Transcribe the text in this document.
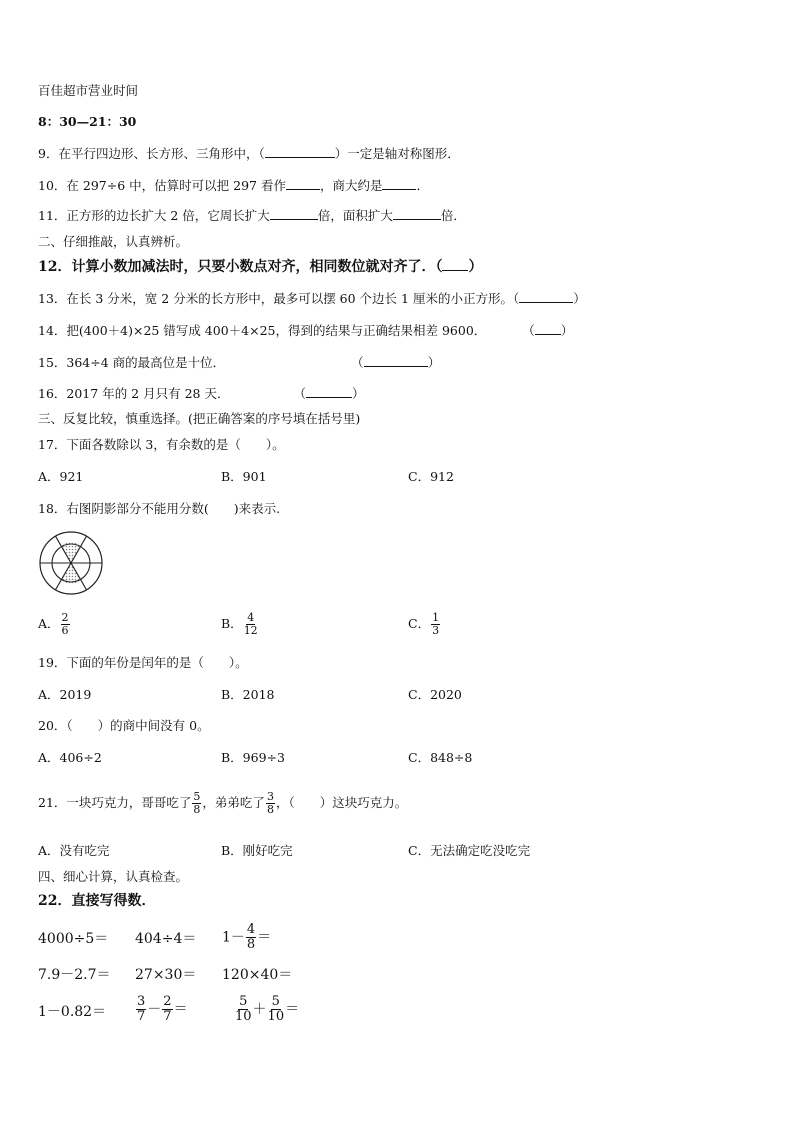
百佳超市营业时间
8：30—21：30
9．在平行四边形、长方形、三角形中，（	）一定是轴对称图形．
10．在 297÷6 中，估算时可以把 297 看作	，商大约是	．
11．正方形的边长扩大 2 倍，它周长扩大	倍，面积扩大	倍．
二、仔细推敲，认真辨析。
12．计算小数加减法时，只要小数点对齐，相同数位就对齐了．（ ）
13．在长 3 分米，宽 2 分米的长方形中，最多可以摆 60 个边长 1 厘米的小正方形。（	）
14．把(400＋4)×25 错写成 400＋4×25，得到的结果与正确结果相差 9600．	（ ）
15．364÷4 商的最高位是十位．	（	）
16．2017 年的 2 月只有 28 天．	（	）
三、反复比较，慎重选择。(把正确答案的序号填在括号里)
17．下面各数除以 3，有余数的是（　　）。
A．921	B．901	C．912
18．右图阴影部分不能用分数(　　)来表示.
A． $\frac{2}{6}$	B． $\frac{4}{12}$	C． $\frac{1}{3}$
19．下面的年份是闰年的是（　　）。
A．2019	B．2018	C．2020
20．（　　）的商中间没有 0。
A．406÷2	B．969÷3	C．848÷8
21．一块巧克力，哥哥吃了 $\frac{5}{8}$ ，弟弟吃了 $\frac{3}{8}$ ，（　　）这块巧克力。
A．没有吃完	B．刚好吃完	C．无法确定吃没吃完
四、细心计算，认真检查。
22．直接写得数．
$4000\div 5= 404\div 4= 1- \frac{4}{8}$ ＝
7.9－2.7＝ 27×30＝ 120×40＝
$1-0.82= \frac{3}{7} - \frac{2}{7}$ ＝	$\frac{5}{10} + \frac{5}{10}$ ＝
